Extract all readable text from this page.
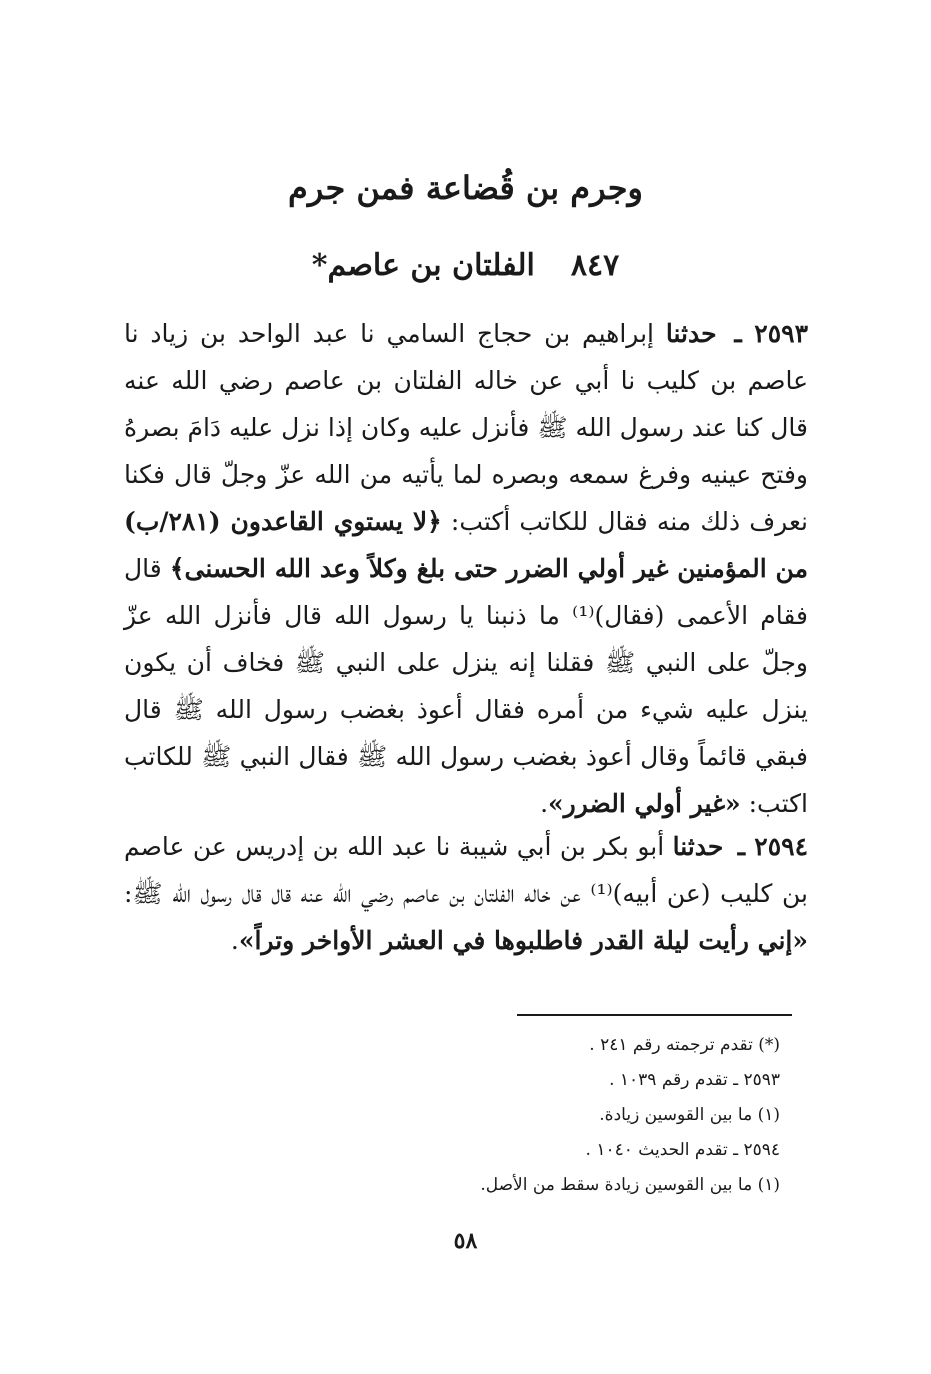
وجرم بن قُضاعة فمن جرم
٨٤٧الفلتان بن عاصم*

٢٥٩٣ ـ حدثنا إبراهيم بن حجاج السامي نا عبد الواحد بن زياد نا عاصم بن كليب نا أبي عن خاله الفلتان بن عاصم رضي الله عنه قال كنا عند رسول الله ﷺ فأنزل عليه وكان إذا نزل عليه دَامَ بصرهُ وفتح عينيه وفرغ سمعه وبصره لما يأتيه من الله عزّ وجلّ قال فكنا نعرف ذلك منه فقال للكاتب أكتب: ﴿لا يستوي القاعدون (٢٨١/ب) من المؤمنين غير أولي الضرر حتى بلغ وكلاً وعد الله الحسنى﴾ قال فقام الأعمى (فقال)⁽¹⁾ ما ذنبنا يا رسول الله قال فأنزل الله عزّ وجلّ على النبي ﷺ فقلنا إنه ينزل على النبي ﷺ فخاف أن يكون ينزل عليه شيء من أمره فقال أعوذ بغضب رسول الله ﷺ قال فبقي قائماً وقال أعوذ بغضب رسول الله ﷺ فقال النبي ﷺ للكاتب اكتب: «غير أولي الضرر».

٢٥٩٤ ـ حدثنا أبو بكر بن أبي شيبة نا عبد الله بن إدريس عن عاصم بن كليب (عن أبيه)⁽¹⁾ عن خاله الفلتان بن عاصم رضي الله عنه قال قال رسول الله ﷺ: «إني رأيت ليلة القدر فاطلبوها في العشر الأواخر وتراً».

(*) تقدم ترجمته رقم ٢٤١ .
٢٥٩٣ ـ تقدم رقم ١٠٣٩ .
(١) ما بين القوسين زيادة.
٢٥٩٤ ـ تقدم الحديث ١٠٤٠ .
(١) ما بين القوسين زيادة سقط من الأصل.
٥٨
